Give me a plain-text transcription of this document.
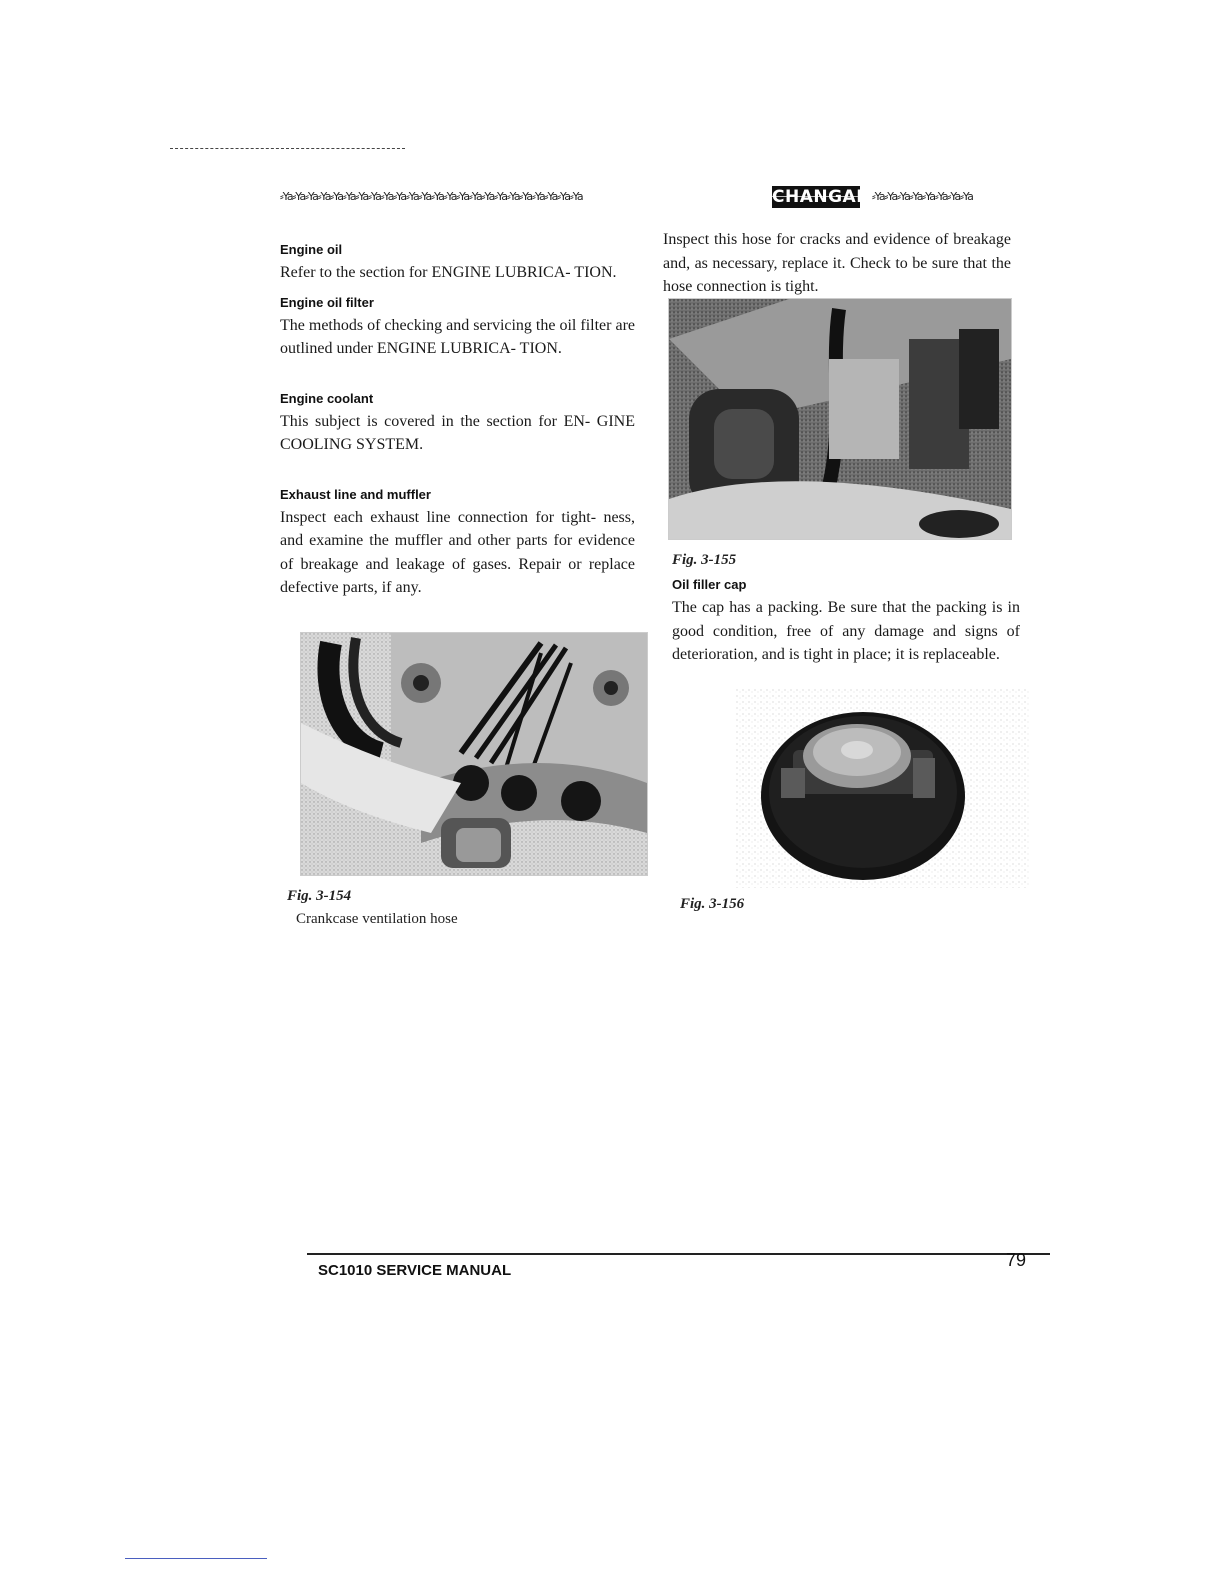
⸗Ya⸗Ya⸗Ya⸗Ya⸗Ya⸗Ya⸗Ya⸗Ya⸗Ya⸗Ya⸗Ya⸗Ya⸗Ya⸗Ya⸗Ya⸗Ya⸗Ya⸗Ya⸗Ya⸗Ya⸗Ya⸗Ya⸗Ya⸗Ya	CHANGAN ⸗Ya⸗Ya⸗Ya⸗Ya⸗Ya⸗Ya⸗Ya⸗Ya
Engine oil
Refer to the section for ENGINE LUBRICA- TION.
Engine oil filter
The methods of checking and servicing the oil filter are outlined under ENGINE LUBRICA- TION.
Engine coolant
This subject is covered in the section for EN- GINE COOLING SYSTEM.
Exhaust line and muffler
Inspect each exhaust line connection for tight- ness, and examine the muffler and other parts for evidence of breakage and leakage of gases. Repair or replace defective parts, if any.
Fig. 3-154
Crankcase ventilation hose
Inspect this hose for cracks and evidence of breakage and, as necessary, replace it. Check to be sure that the hose connection is tight.
Fig. 3-155
Oil filler cap
The cap has a packing. Be sure that the packing is in good condition, free of any damage and signs of deterioration, and is tight in place; it is replaceable.
Fig. 3-156
SC1010 SERVICE MANUAL
79
